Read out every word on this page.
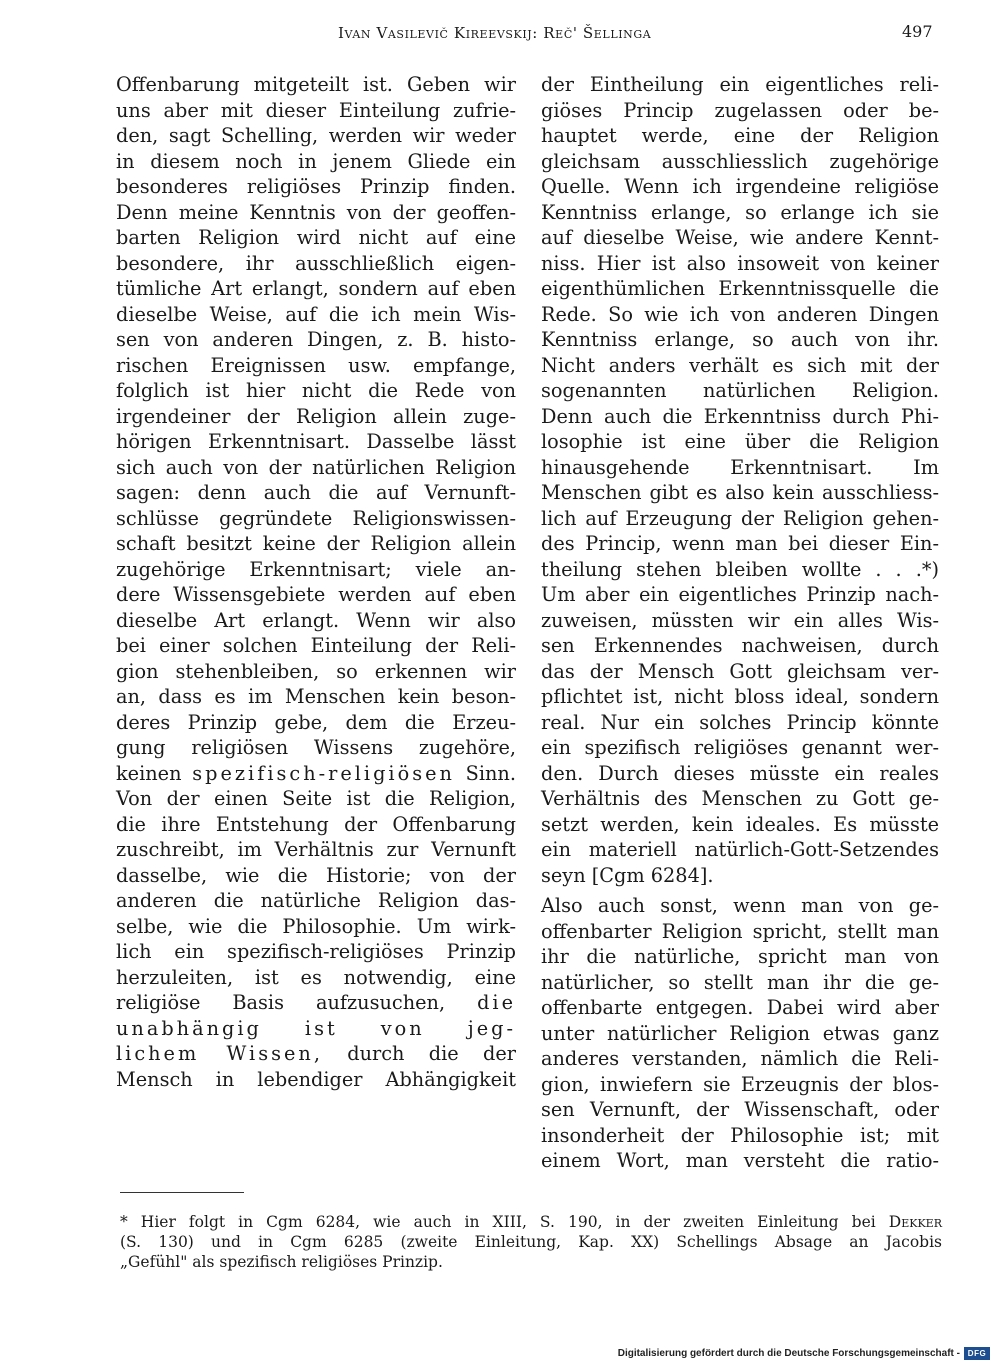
Ivan Vasilevič Kireevskij: Reč' Šellinga	497
Offenbarung mitgeteilt ist. Geben wir
uns aber mit dieser Einteilung zufrie-
den, sagt Schelling, werden wir weder
in diesem noch in jenem Gliede ein
besonderes religiöses Prinzip finden.
Denn meine Kenntnis von der geoffen-
barten Religion wird nicht auf eine
besondere, ihr ausschließlich eigen-
tümliche Art erlangt, sondern auf eben
dieselbe Weise, auf die ich mein Wis-
sen von anderen Dingen, z. B. histo-
rischen Ereignissen usw. empfange,
folglich ist hier nicht die Rede von
irgendeiner der Religion allein zuge-
hörigen Erkenntnisart. Dasselbe lässt
sich auch von der natürlichen Religion
sagen: denn auch die auf Vernunft-
schlüsse gegründete Religionswissen-
schaft besitzt keine der Religion allein
zugehörige Erkenntnisart; viele an-
dere Wissensgebiete werden auf eben
dieselbe Art erlangt. Wenn wir also
bei einer solchen Einteilung der Reli-
gion stehenbleiben, so erkennen wir
an, dass es im Menschen kein beson-
deres Prinzip gebe, dem die Erzeu-
gung religiösen Wissens zugehöre,
keinen spezifisch-religiösen Sinn.
Von der einen Seite ist die Religion,
die ihre Entstehung der Offenbarung
zuschreibt, im Verhältnis zur Vernunft
dasselbe, wie die Historie; von der
anderen die natürliche Religion das-
selbe, wie die Philosophie. Um wirk-
lich ein spezifisch-religiöses Prinzip
herzuleiten, ist es notwendig, eine
religiöse Basis aufzusuchen, die
unabhängig ist von jeg-
lichem Wissen, durch die der
Mensch in lebendiger Abhängigkeit
der Eintheilung ein eigentliches reli-
giöses Princip zugelassen oder be-
hauptet werde, eine der Religion
gleichsam ausschliesslich zugehörige
Quelle. Wenn ich irgendeine religiöse
Kenntniss erlange, so erlange ich sie
auf dieselbe Weise, wie andere Kennt-
niss. Hier ist also insoweit von keiner
eigenthümlichen Erkenntnissquelle die
Rede. So wie ich von anderen Dingen
Kenntniss erlange, so auch von ihr.
Nicht anders verhält es sich mit der
sogenannten natürlichen Religion.
Denn auch die Erkenntniss durch Phi-
losophie ist eine über die Religion
hinausgehende Erkenntnisart. Im
Menschen gibt es also kein ausschliess-
lich auf Erzeugung der Religion gehen-
des Princip, wenn man bei dieser Ein-
theilung stehen bleiben wollte . . .*)
Um aber ein eigentliches Prinzip nach-
zuweisen, müssten wir ein alles Wis-
sen Erkennendes nachweisen, durch
das der Mensch Gott gleichsam ver-
pflichtet ist, nicht bloss ideal, sondern
real. Nur ein solches Princip könnte
ein spezifisch religiöses genannt wer-
den. Durch dieses müsste ein reales
Verhältnis des Menschen zu Gott ge-
setzt werden, kein ideales. Es müsste
ein materiell natürlich-Gott-Setzendes
seyn [Cgm 6284].
Also auch sonst, wenn man von ge-
offenbarter Religion spricht, stellt man
ihr die natürliche, spricht man von
natürlicher, so stellt man ihr die ge-
offenbarte entgegen. Dabei wird aber
unter natürlicher Religion etwas ganz
anderes verstanden, nämlich die Reli-
gion, inwiefern sie Erzeugnis der blos-
sen Vernunft, der Wissenschaft, oder
insonderheit der Philosophie ist; mit
einem Wort, man versteht die ratio-
* Hier folgt in Cgm 6284, wie auch in XIII, S. 190, in der zweiten Einleitung bei Dekker
(S. 130) und in Cgm 6285 (zweite Einleitung, Kap. XX) Schellings Absage an Jacobis
„Gefühl" als spezifisch religiöses Prinzip.
Digitalisierung gefördert durch die Deutsche Forschungsgemeinschaft - DFG
